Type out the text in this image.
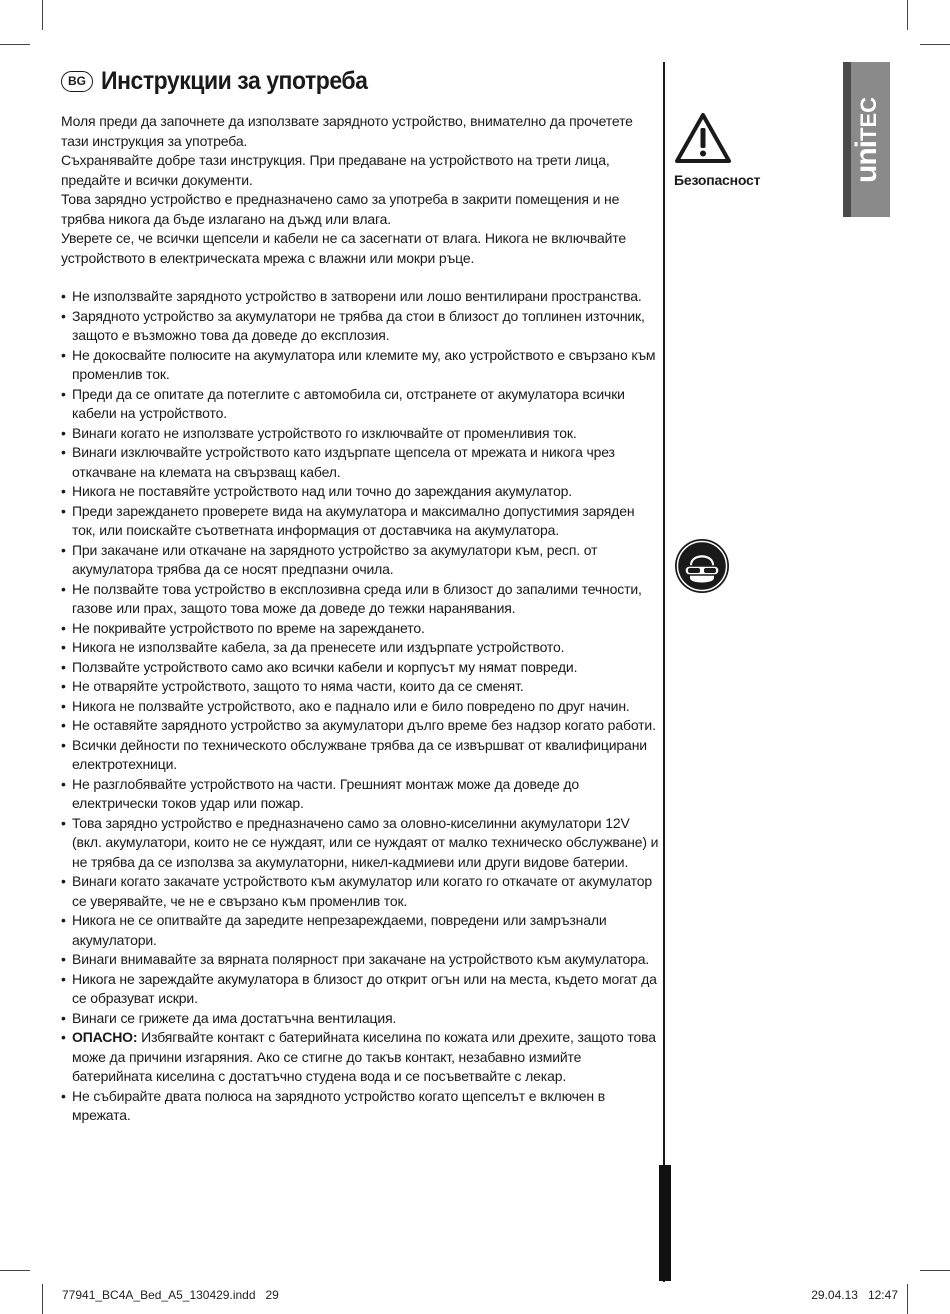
BG Инструкции за употреба

Моля преди да започнете да използвате зарядното устройство, внимателно да прочетете тази инструкция за употреба.

Съхранявайте добре тази инструкция. При предаване на устройството на трети лица, предайте и всички документи.

Това зарядно устройство е предназначено само за употреба в закрити помещения и не трябва никога да бъде излагано на дъжд или влага.

Уверете се, че всички щепсели и кабели не са засегнати от влага. Никога не включвайте устройството в електрическата мрежа с влажни или мокри ръце.

• Не използвайте зарядното устройство в затворени или лошо вентилирани пространства.
• Зарядното устройство за акумулатори не трябва да стои в близост до топлинен източник, защото е възможно това да доведе до експлозия.
• Не докосвайте полюсите на акумулатора или клемите му, ако устройството е свързано към променлив ток.
• Преди да се опитате да потеглите с автомобила си, отстранете от акумулатора всички кабели на устройството.
• Винаги когато не използвате устройството го изключвайте от променливия ток.
• Винаги изключвайте устройството като издърпате щепсела от мрежата и никога чрез откачване на клемата на свързващ кабел.
• Никога не поставяйте устройството над или точно до зареждания акумулатор.
• Преди зареждането проверете вида на акумулатора и максимално допустимия заряден ток, или поискайте съответната информация от доставчика на акумулатора.
• При закачане или откачане на зарядното устройство за акумулатори към, респ. от акумулатора трябва да се носят предпазни очила.
• Не ползвайте това устройство в експлозивна среда или в близост до запалими течности, газове или прах, защото това може да доведе до тежки наранявания.
• Не покривайте устройството по време на зареждането.
• Никога не използвайте кабела, за да пренесете или издърпате устройството.
• Ползвайте устройството само ако всички кабели и корпусът му нямат повреди.
• Не отваряйте устройството, защото то няма части, които да се сменят.
• Никога не ползвайте устройството, ако е паднало или е било повредено по друг начин.
• Не оставяйте зарядното устройство за акумулатори дълго време без надзор когато работи.
• Всички дейности по техническото обслужване трябва да се извършват от квалифицирани електротехници.
• Не разглобявайте устройството на части. Грешният монтаж може да доведе до електрически токов удар или пожар.
• Това зарядно устройство е предназначено само за оловно-киселинни акумулатори 12V (вкл. акумулатори, които не се нуждаят, или се нуждаят от малко техническо обслужване) и не трябва да се използва за акумулаторни, никел-кадмиеви или други видове батерии.
• Винаги когато закачате устройството към акумулатор или когато го откачате от акумулатор се уверявайте, че не е свързано към променлив ток.
• Никога не се опитвайте да заредите непрезареждаеми, повредени или замръзнали акумулатори.
• Винаги внимавайте за вярната полярност при закачане на устройството към акумулатора.
• Никога не зареждайте акумулатора в близост до открит огън или на места, където могат да се образуват искри.
• Винаги се грижете да има достатъчна вентилация.
• ОПАСНО: Избягвайте контакт с батерийната киселина по кожата или дрехите, защото това може да причини изгаряния. Ако се стигне до такъв контакт, незабавно измийте батерийната киселина с достатъчно студена вода и се посъветвайте с лекар.
• Не събирайте двата полюса на зарядното устройство когато щепселът е включен в мрежата.
Безопасност	uniTEC
77941_BC4A_Bed_A5_130429.indd   29	29.04.13   12:47
